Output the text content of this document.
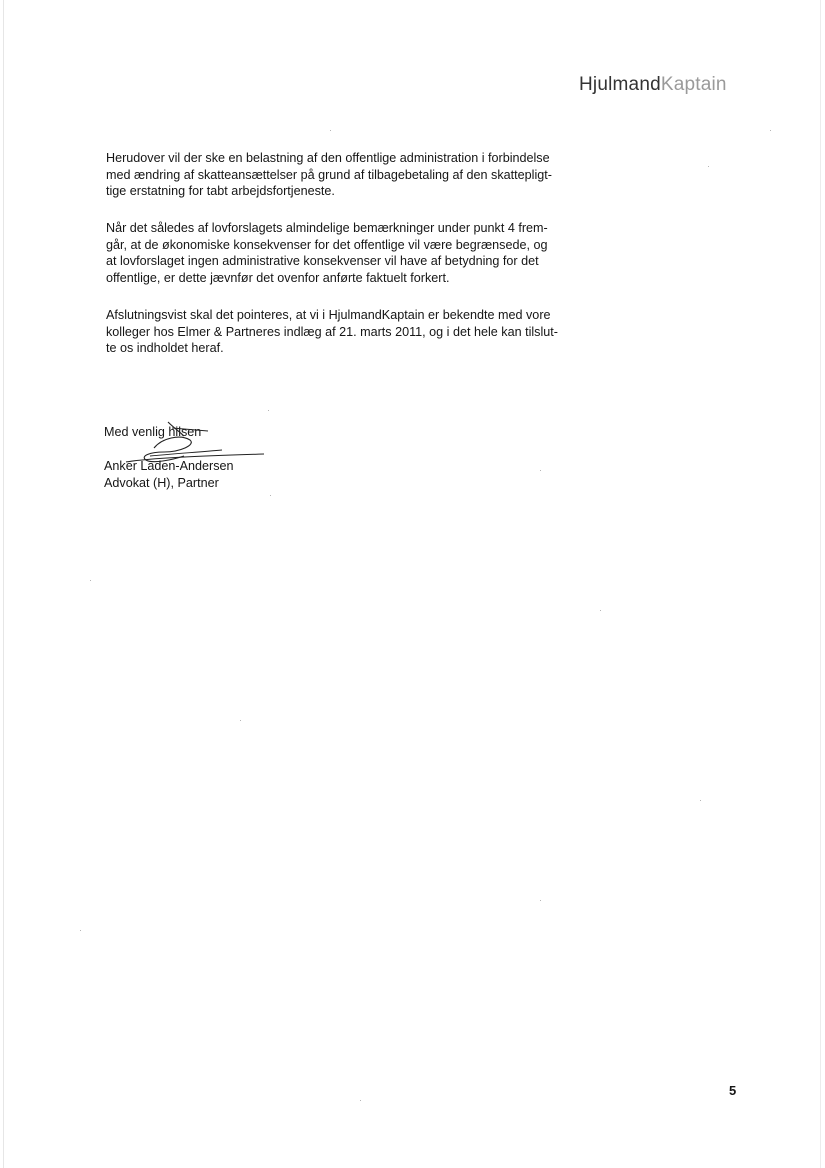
HjulmandKaptain

Herudover vil der ske en belastning af den offentlige administration i forbindelse
med ændring af skatteansættelser på grund af tilbagebetaling af den skattepligt-
tige erstatning for tabt arbejdsfortjeneste.

Når det således af lovforslagets almindelige bemærkninger under punkt 4 frem-
går, at de økonomiske konsekvenser for det offentlige vil være begrænsede, og
at lovforslaget ingen administrative konsekvenser vil have af betydning for det
offentlige, er dette jævnfør det ovenfor anførte faktuelt forkert.

Afslutningsvist skal det pointeres, at vi i HjulmandKaptain er bekendte med vore
kolleger hos Elmer & Partneres indlæg af 21. marts 2011, og i det hele kan tilslut-
te os indholdet heraf.

Med venlig hilsen
Anker Laden-Andersen
Advokat (H), Partner
5
